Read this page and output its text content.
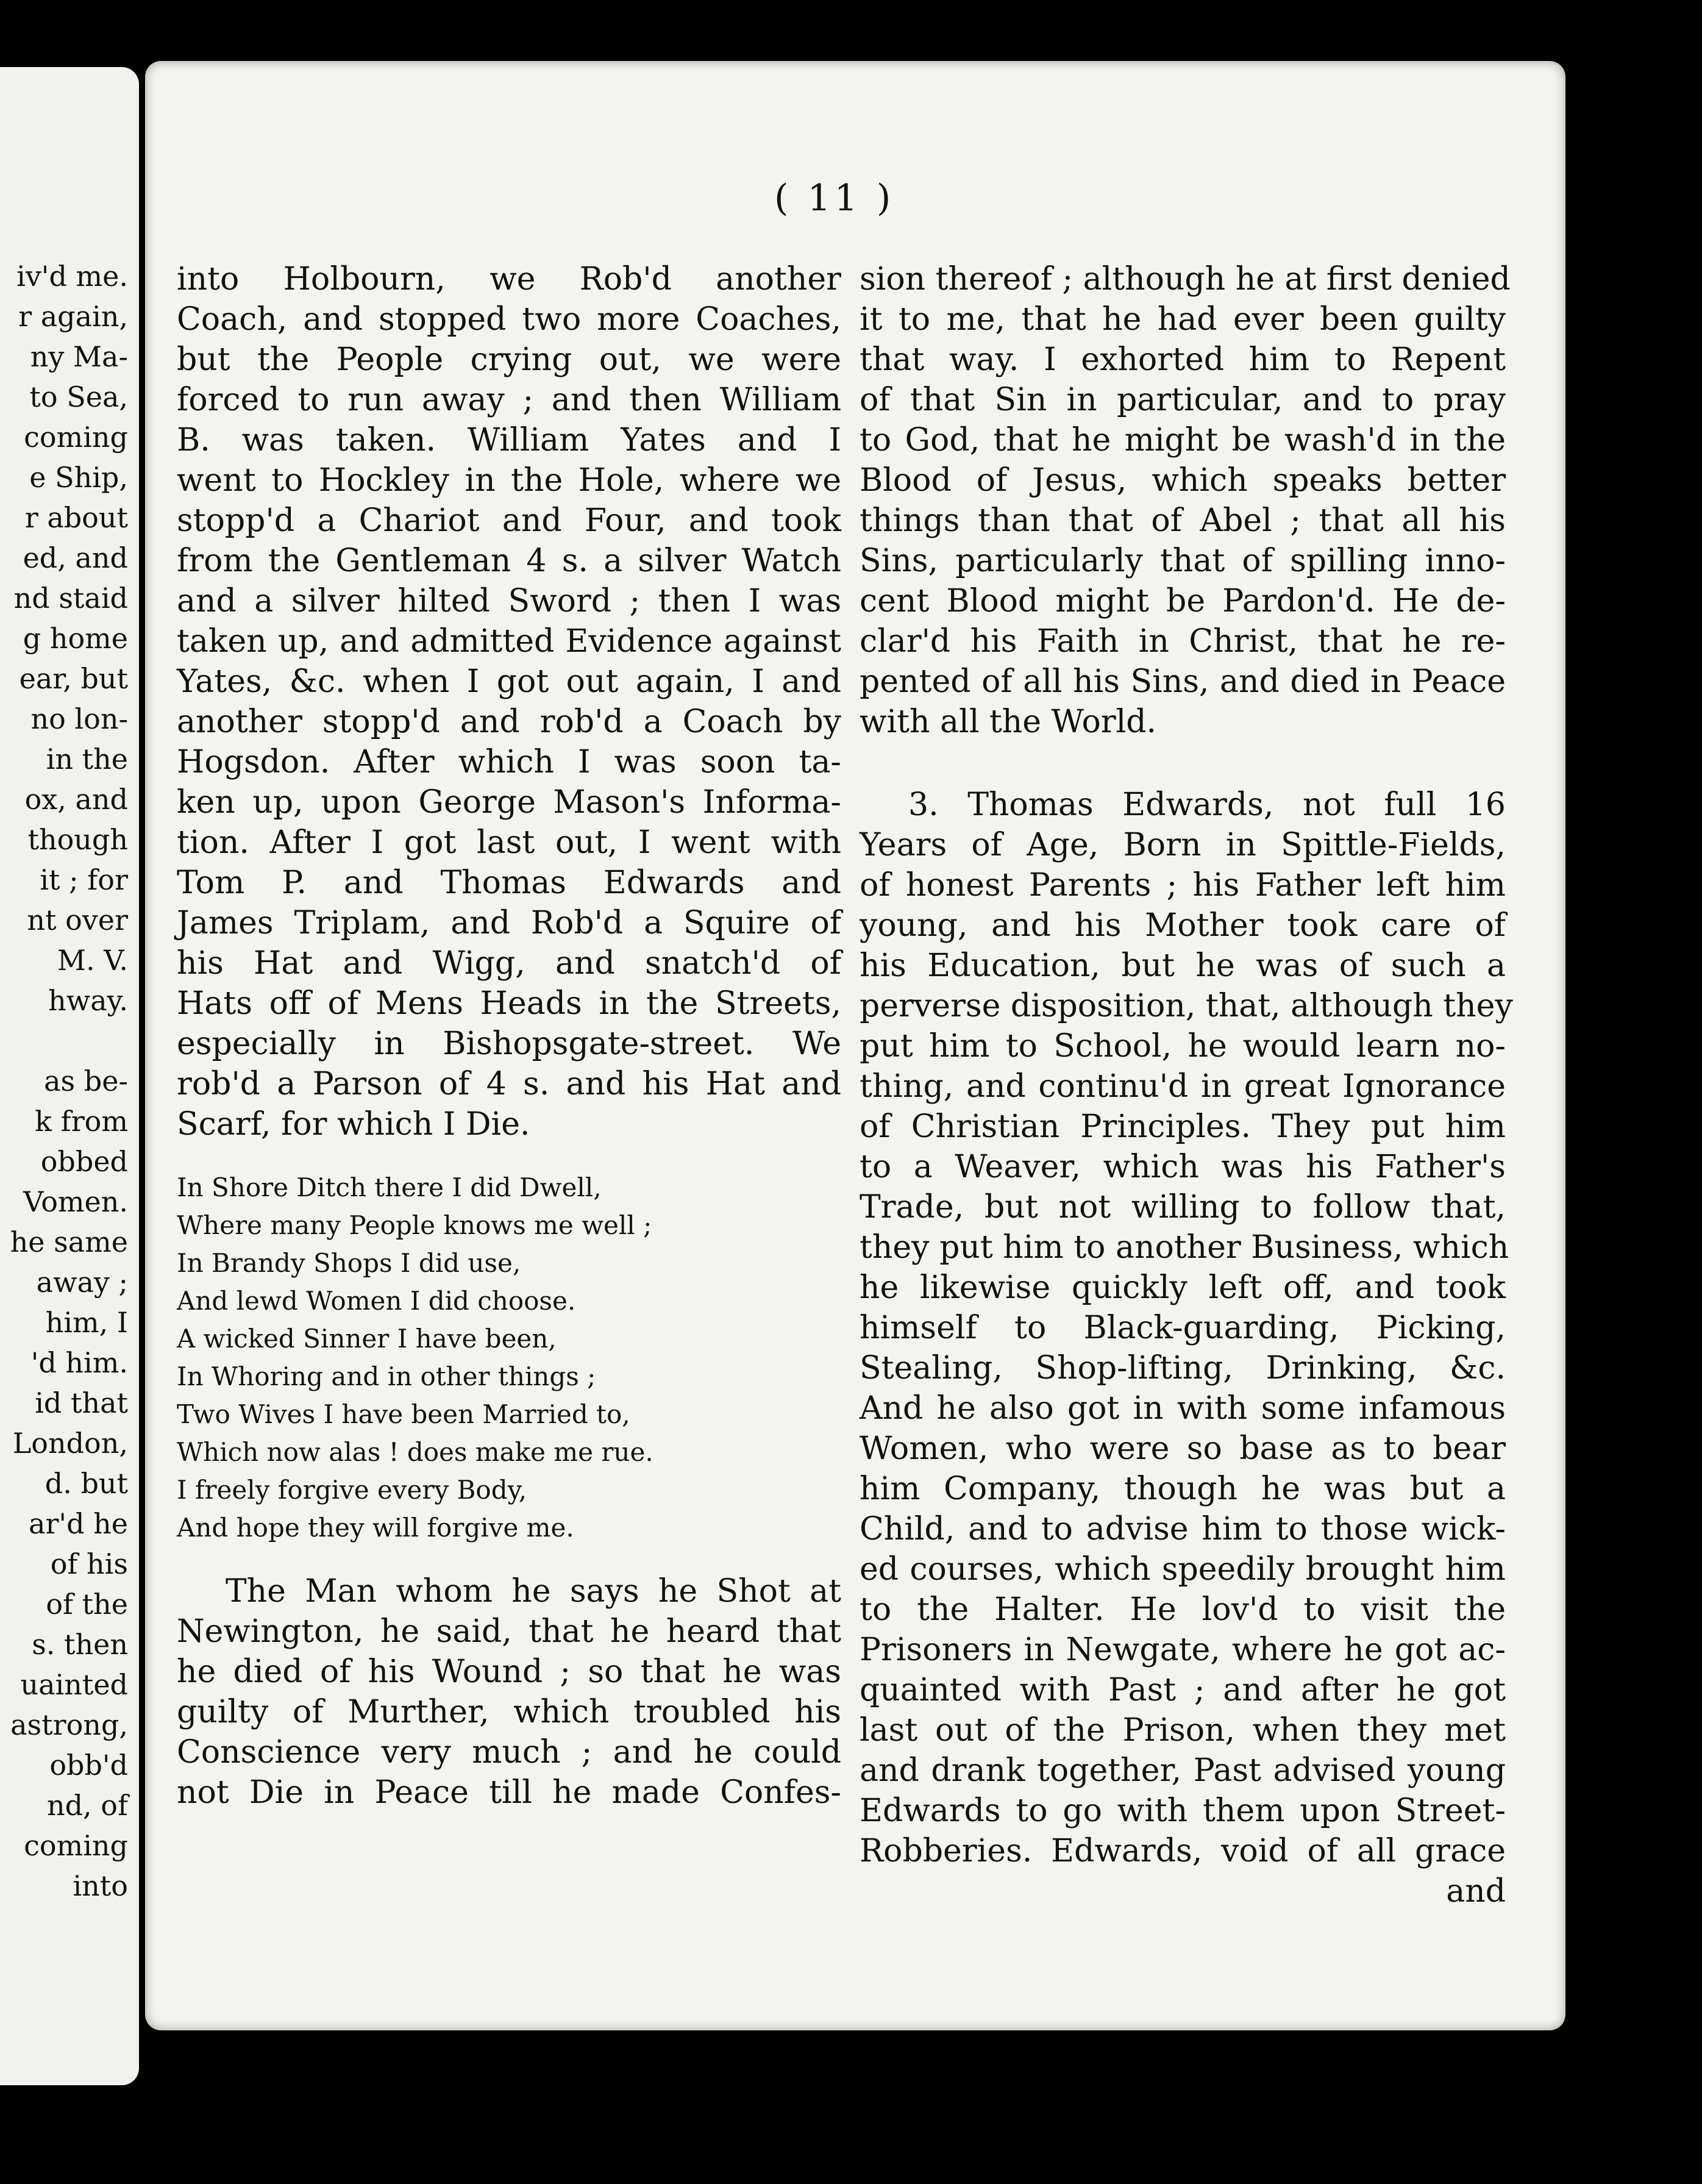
iv'd me.
r again,
ny Ma-
to Sea,
coming
e Ship,
r about
ed, and
nd staid
g home
ear, but
no lon-
in the
ox, and
though
it ; for
nt over
M. V.
hway.
as be-
k from
obbed
Vomen.
he same
away ;
him, I
'd him.
id that
London,
d. but
ar'd he
of his
of the
s. then
uainted
astrong,
obb'd
nd, of
coming
into
( 11 )
into Holbourn, we Rob'd another
Coach, and stopped two more Coaches,
but the People crying out, we were
forced to run away ; and then William
B. was taken. William Yates and I
went to Hockley in the Hole, where we
stopp'd a Chariot and Four, and took
from the Gentleman 4 s. a silver Watch
and a silver hilted Sword ; then I was
taken up, and admitted Evidence against
Yates, &c. when I got out again, I and
another stopp'd and rob'd a Coach by
Hogsdon. After which I was soon ta-
ken up, upon George Mason's Informa-
tion. After I got last out, I went with
Tom P. and Thomas Edwards and
James Triplam, and Rob'd a Squire of
his Hat and Wigg, and snatch'd of
Hats off of Mens Heads in the Streets,
especially in Bishopsgate-street. We
rob'd a Parson of 4 s. and his Hat and
Scarf, for which I Die.
In Shore Ditch there I did Dwell,
Where many People knows me well ;
In Brandy Shops I did use,
And lewd Women I did choose.
A wicked Sinner I have been,
In Whoring and in other things ;
Two Wives I have been Married to,
Which now alas ! does make me rue.
I freely forgive every Body,
And hope they will forgive me.
The Man whom he says he Shot at
Newington, he said, that he heard that
he died of his Wound ; so that he was
guilty of Murther, which troubled his
Conscience very much ; and he could
not Die in Peace till he made Confes-
sion thereof ; although he at first denied
it to me, that he had ever been guilty
that way. I exhorted him to Repent
of that Sin in particular, and to pray
to God, that he might be wash'd in the
Blood of Jesus, which speaks better
things than that of Abel ; that all his
Sins, particularly that of spilling inno-
cent Blood might be Pardon'd. He de-
clar'd his Faith in Christ, that he re-
pented of all his Sins, and died in Peace
with all the World.
3. Thomas Edwards, not full 16
Years of Age, Born in Spittle-Fields,
of honest Parents ; his Father left him
young, and his Mother took care of
his Education, but he was of such a
perverse disposition, that, although they
put him to School, he would learn no-
thing, and continu'd in great Ignorance
of Christian Principles. They put him
to a Weaver, which was his Father's
Trade, but not willing to follow that,
they put him to another Business, which
he likewise quickly left off, and took
himself to Black-guarding, Picking,
Stealing, Shop-lifting, Drinking, &c.
And he also got in with some infamous
Women, who were so base as to bear
him Company, though he was but a
Child, and to advise him to those wick-
ed courses, which speedily brought him
to the Halter. He lov'd to visit the
Prisoners in Newgate, where he got ac-
quainted with Past ; and after he got
last out of the Prison, when they met
and drank together, Past advised young
Edwards to go with them upon Street-
Robberies. Edwards, void of all grace
and
